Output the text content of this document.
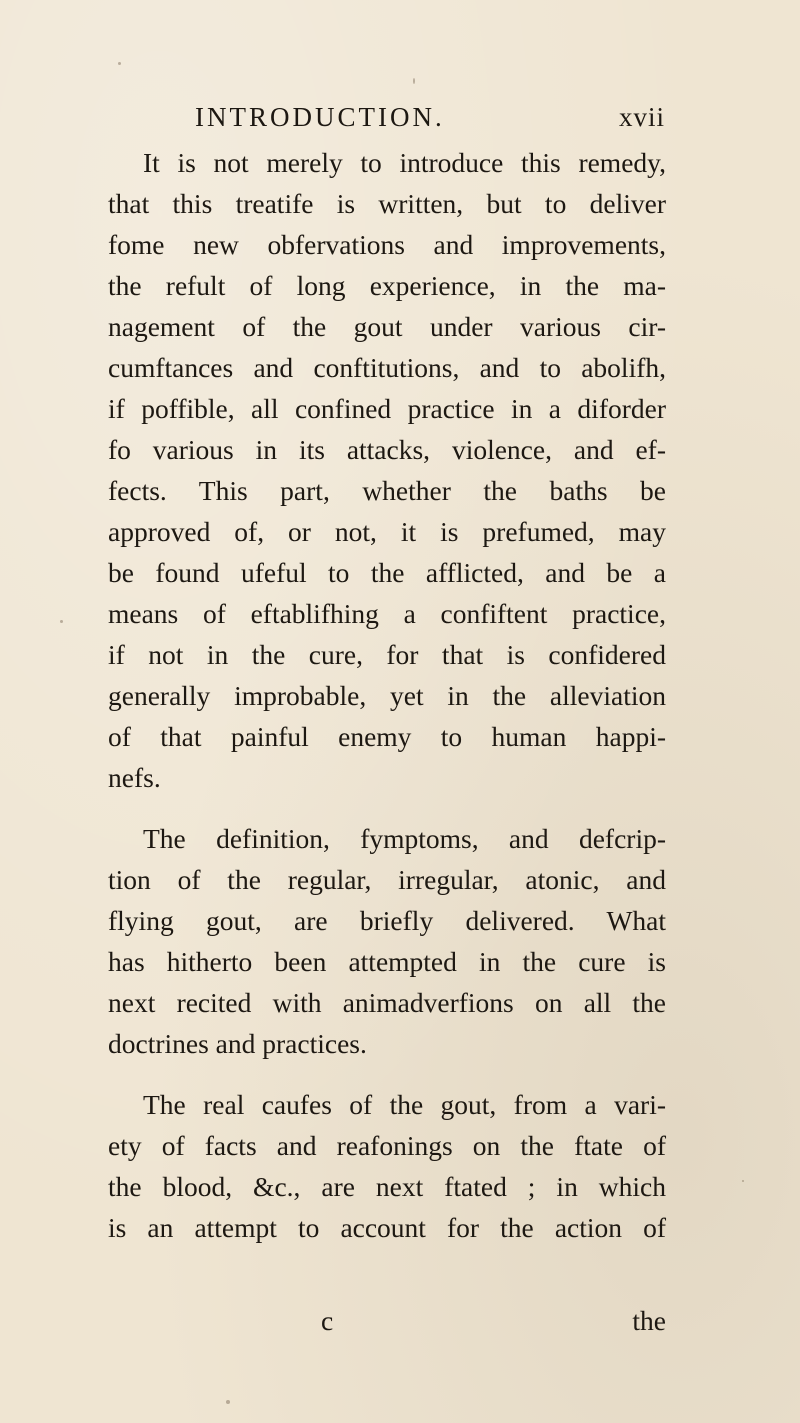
INTRODUCTION.	xvii

It is not merely to introduce this remedy,
that this treatife is written, but to deliver
fome new obfervations and improvements,
the refult of long experience, in the ma-
nagement of the gout under various cir-
cumftances and conftitutions, and to abolifh,
if poffible, all confined practice in a diforder
fo various in its attacks, violence, and ef-
fects. This part, whether the baths be
approved of, or not, it is prefumed, may
be found ufeful to the afflicted, and be a
means of eftablifhing a confiftent practice,
if not in the cure, for that is confidered
generally improbable, yet in the alleviation
of that painful enemy to human happi-
nefs.

The definition, fymptoms, and defcrip-
tion of the regular, irregular, atonic, and
flying gout, are briefly delivered. What
has hitherto been attempted in the cure is
next recited with animadverfions on all the
doctrines and practices.

The real caufes of the gout, from a vari-
ety of facts and reafonings on the ftate of
the blood, &c., are next ftated ; in which
is an attempt to account for the action of

c	the
